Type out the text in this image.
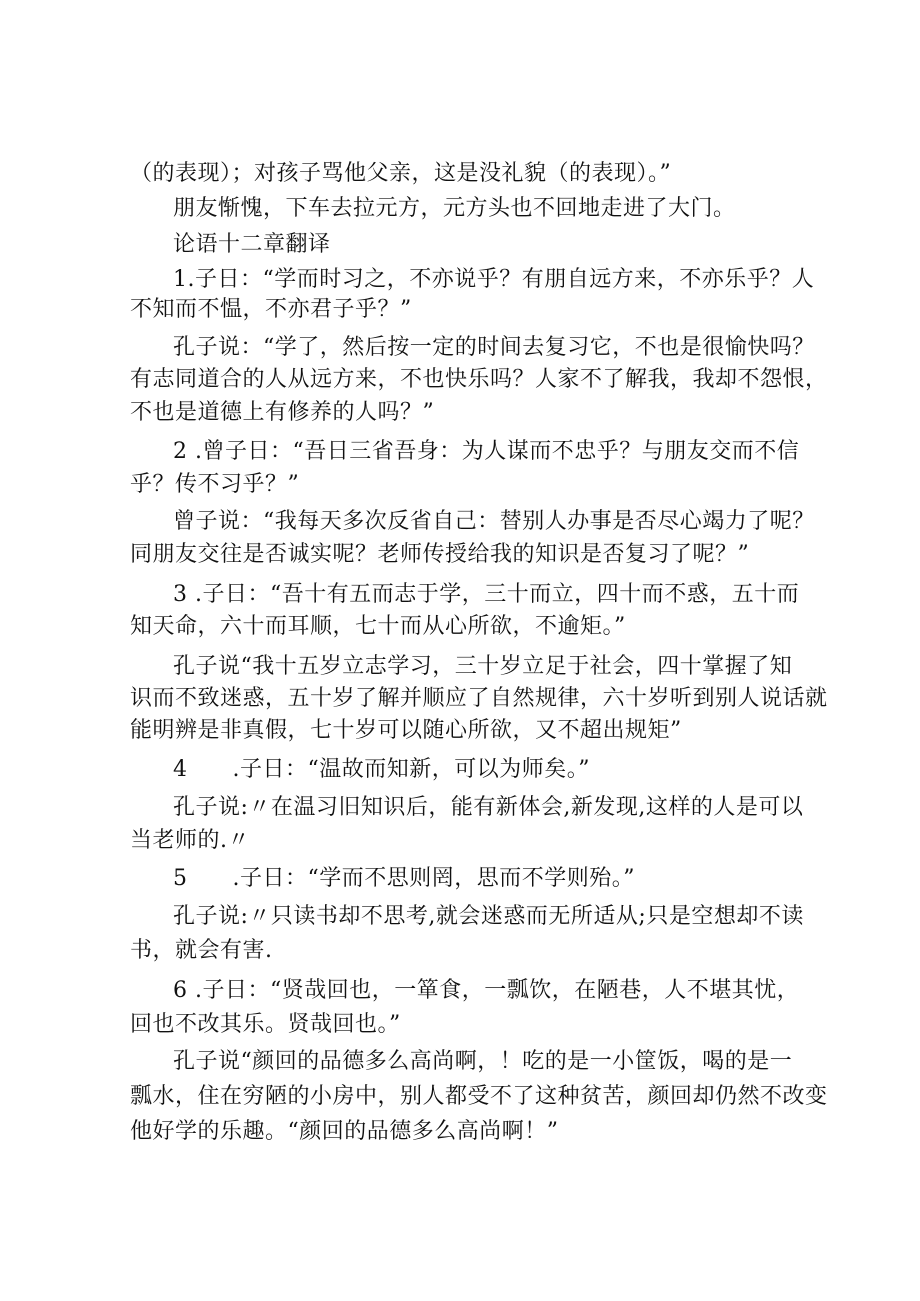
（的表现）；对孩子骂他父亲，这是没礼貌（的表现）。”
朋友惭愧，下车去拉元方，元方头也不回地走进了大门。
论语十二章翻译
1.子日：“学而时习之，不亦说乎？有朋自远方来，不亦乐乎？人
不知而不愠，不亦君子乎？”
孔子说：“学了，然后按一定的时间去复习它，不也是很愉快吗？
有志同道合的人从远方来，不也快乐吗？人家不了解我，我却不怨恨，
不也是道德上有修养的人吗？”
2 .曾子日：“吾日三省吾身：为人谋而不忠乎？与朋友交而不信
乎？传不习乎？”
曾子说：“我每天多次反省自己：替别人办事是否尽心竭力了呢？
同朋友交往是否诚实呢？老师传授给我的知识是否复习了呢？”
3 .子日：“吾十有五而志于学，三十而立，四十而不惑，五十而
知天命，六十而耳顺，七十而从心所欲，不逾矩。”
孔子说“我十五岁立志学习，三十岁立足于社会，四十掌握了知
识而不致迷惑，五十岁了解并顺应了自然规律，六十岁听到别人说话就
能明辨是非真假，七十岁可以随心所欲，又不超出规矩”
4　　.子日：“温故而知新，可以为师矣。”
孔子说:〃在温习旧知识后，能有新体会,新发现,这样的人是可以
当老师的.〃
5　　.子日：“学而不思则罔，思而不学则殆。”
孔子说:〃只读书却不思考,就会迷惑而无所适从;只是空想却不读
书，就会有害.
6 .子日：“贤哉回也，一箪食，一瓢饮，在陋巷，人不堪其忧，
回也不改其乐。贤哉回也。”
孔子说“颜回的品德多么高尚啊，！吃的是一小筐饭，喝的是一
瓢水，住在穷陋的小房中，别人都受不了这种贫苦，颜回却仍然不改变
他好学的乐趣。“颜回的品德多么高尚啊！”
